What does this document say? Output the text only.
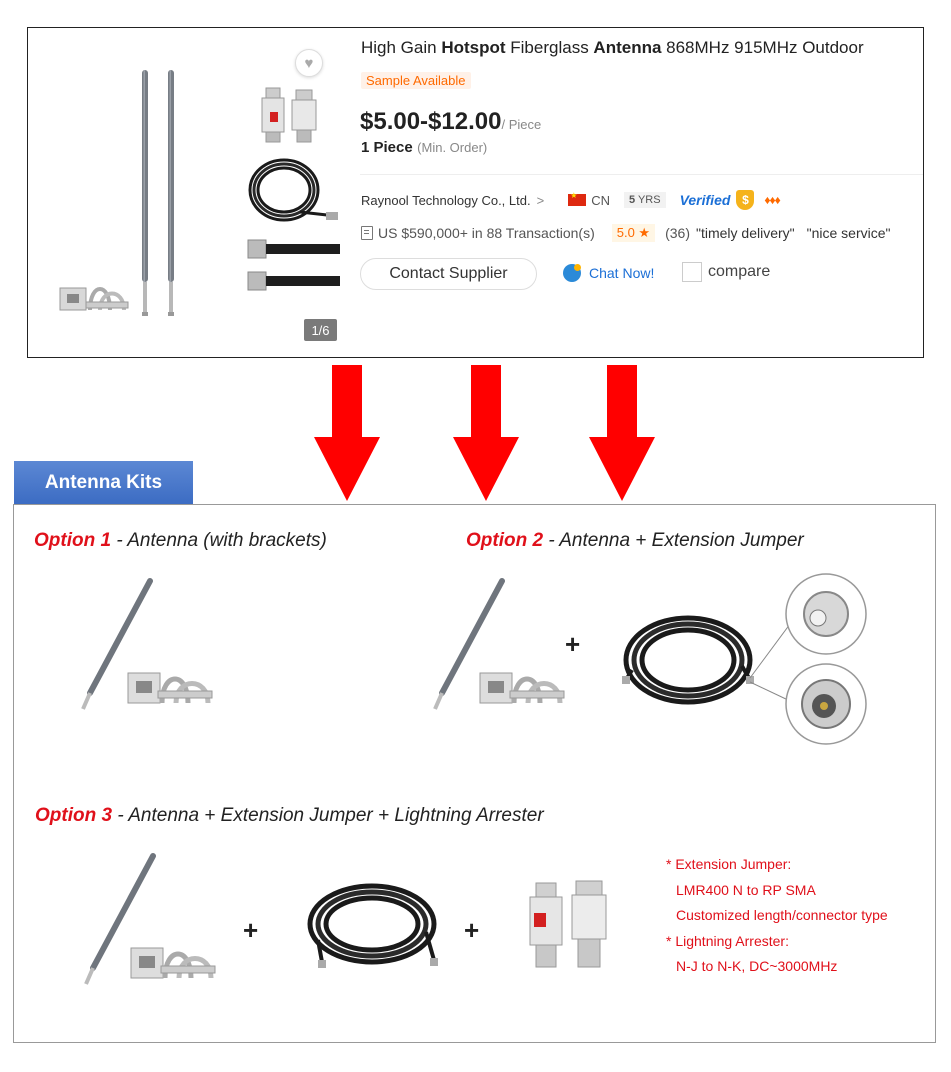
♥
1/6
High Gain Hotspot Fiberglass Antenna 868MHz 915MHz Outdoor
Sample Available
$5.00-$12.00/ Piece
1 Piece (Min. Order)
Raynool Technology Co., Ltd. >
★	CN	5 YRS	Verified $	♦♦♦
US $590,000+ in 88 Transaction(s)	5.0 ★	(36) "timely delivery" "nice service"
Contact Supplier	Chat Now!	compare
Antenna Kits
Option 1 - Antenna (with brackets)	Option 2 - Antenna + Extension Jumper
+
Option 3 - Antenna + Extension Jumper + Lightning Arrester
+	+
* Extension Jumper:
LMR400 N to RP SMA
Customized length/connector type
* Lightning Arrester:
N-J to N-K, DC~3000MHz
